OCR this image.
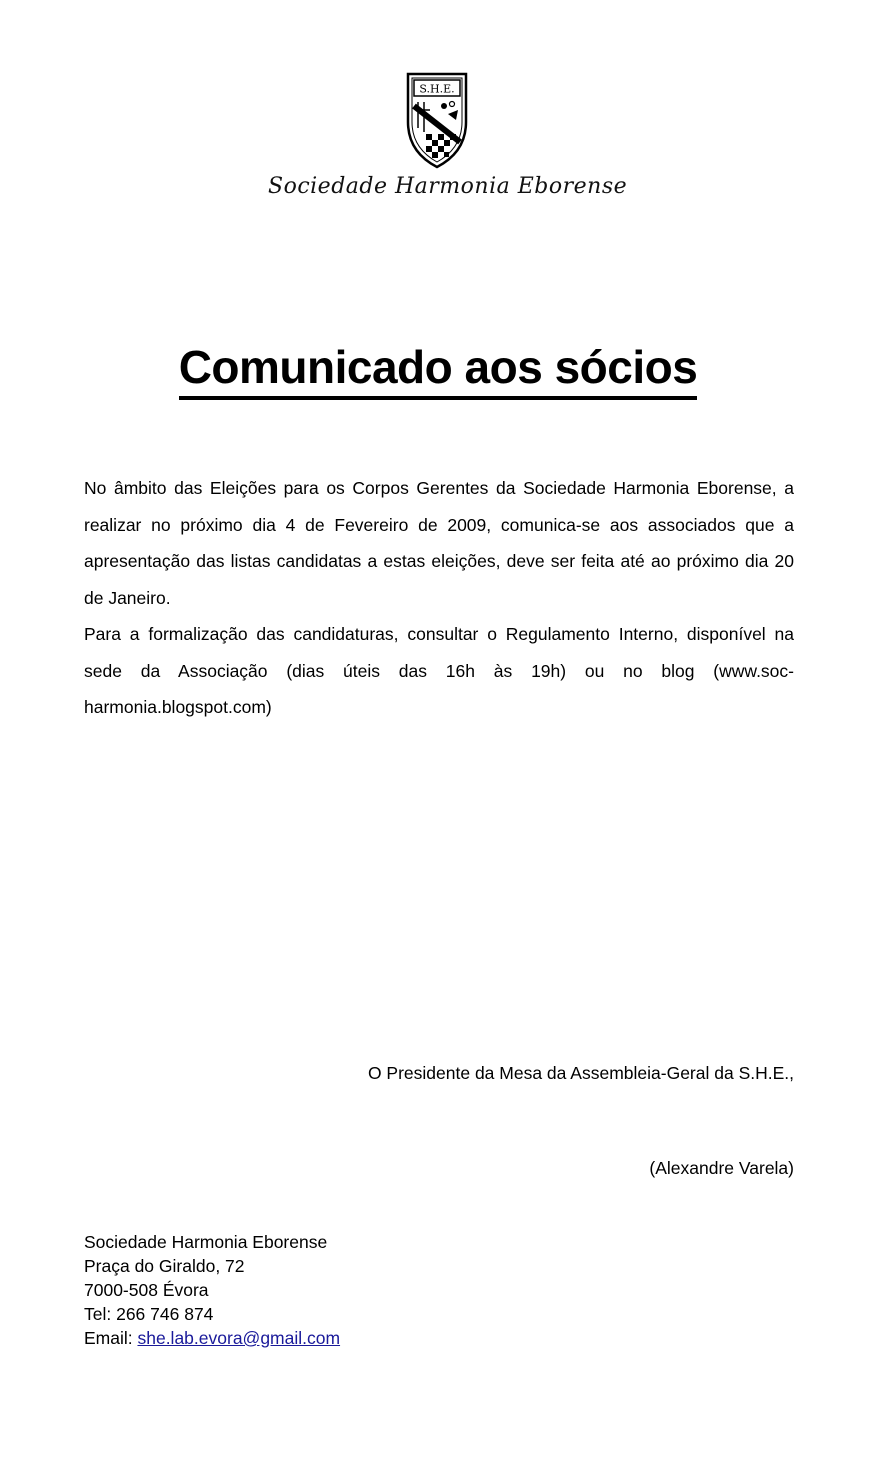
S.H.E.
Sociedade Harmonia Eborense
Comunicado aos sócios

No âmbito das Eleições para os Corpos Gerentes da Sociedade Harmonia Eborense, a realizar no próximo dia 4 de Fevereiro de 2009, comunica-se aos associados que a apresentação das listas candidatas a estas eleições, deve ser feita até ao próximo dia 20 de Janeiro.

Para a formalização das candidaturas, consultar o Regulamento Interno, disponível na sede da Associação (dias úteis das 16h às 19h) ou no blog (www.soc-harmonia.blogspot.com)

O Presidente da Mesa da Assembleia-Geral da S.H.E.,
(Alexandre Varela)
Sociedade Harmonia Eborense
Praça do Giraldo, 72
7000-508 Évora
Tel: 266 746 874
Email: she.lab.evora@gmail.com
